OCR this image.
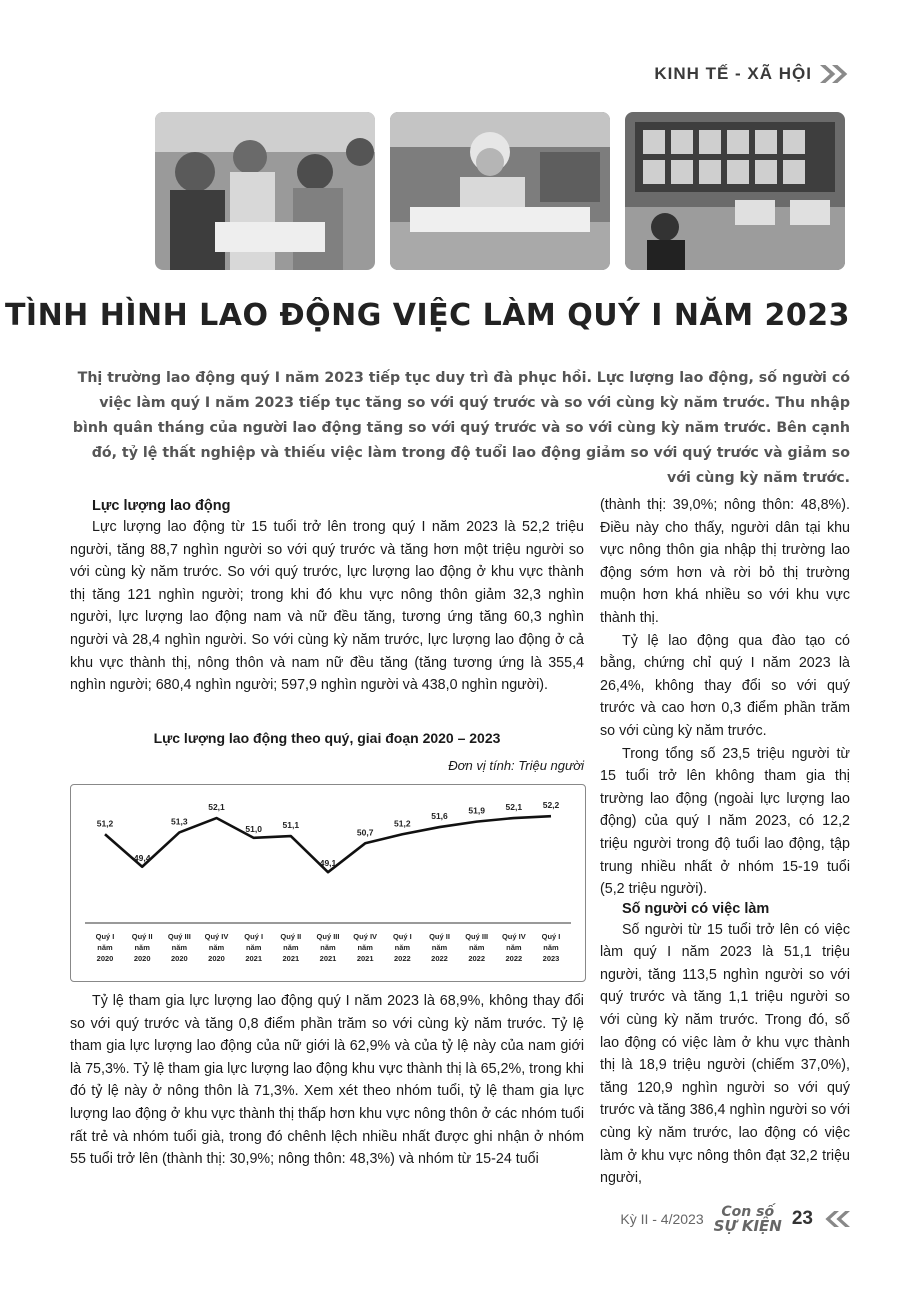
KINH TẾ - XÃ HỘI
TÌNH HÌNH LAO ĐỘNG VIỆC LÀM QUÝ I NĂM 2023

Thị trường lao động quý I năm 2023 tiếp tục duy trì đà phục hồi. Lực lượng lao động, số người có việc làm quý I năm 2023 tiếp tục tăng so với quý trước và so với cùng kỳ năm trước. Thu nhập bình quân tháng của người lao động tăng so với quý trước và so với cùng kỳ năm trước. Bên cạnh đó, tỷ lệ thất nghiệp và thiếu việc làm trong độ tuổi lao động giảm so với quý trước và giảm so với cùng kỳ năm trước.

Lực lượng lao động

Lực lượng lao động từ 15 tuổi trở lên trong quý I năm 2023 là 52,2 triệu người, tăng 88,7 nghìn người so với quý trước và tăng hơn một triệu người so với cùng kỳ năm trước. So với quý trước, lực lượng lao động ở khu vực thành thị tăng 121 nghìn người; trong khi đó khu vực nông thôn giảm 32,3 nghìn người, lực lượng lao động nam và nữ đều tăng, tương ứng tăng 60,3 nghìn người và 28,4 nghìn người. So với cùng kỳ năm trước, lực lượng lao động ở cả khu vực thành thị, nông thôn và nam nữ đều tăng (tăng tương ứng là 355,4 nghìn người; 680,4 nghìn người; 597,9 nghìn người và 438,0 nghìn người).

Lực lượng lao động theo quý, giai đoạn 2020 – 2023
Đơn vị tính: Triệu người
51,2
Quý I
năm
2020
49,4
Quý II
năm
2020
51,3
Quý III
năm
2020
52,1
Quý IV
năm
2020
51,0
Quý I
năm
2021
51,1
Quý II
năm
2021
49,1
Quý III
năm
2021
50,7
Quý IV
năm
2021
51,2
Quý I
năm
2022
51,6
Quý II
năm
2022
51,9
Quý III
năm
2022
52,1
Quý IV
năm
2022
52,2
Quý I
năm
2023

Tỷ lệ tham gia lực lượng lao động quý I năm 2023 là 68,9%, không thay đổi so với quý trước và tăng 0,8 điểm phần trăm so với cùng kỳ năm trước. Tỷ lệ tham gia lực lượng lao động của nữ giới là 62,9% và của tỷ lệ này của nam giới là 75,3%. Tỷ lệ tham gia lực lượng lao động khu vực thành thị là 65,2%, trong khi đó tỷ lệ này ở nông thôn là 71,3%. Xem xét theo nhóm tuổi, tỷ lệ tham gia lực lượng lao động ở khu vực thành thị thấp hơn khu vực nông thôn ở các nhóm tuổi rất trẻ và nhóm tuổi già, trong đó chênh lệch nhiều nhất được ghi nhận ở nhóm 55 tuổi trở lên (thành thị: 30,9%; nông thôn: 48,3%) và nhóm từ 15-24 tuổi

(thành thị: 39,0%; nông thôn: 48,8%). Điều này cho thấy, người dân tại khu vực nông thôn gia nhập thị trường lao động sớm hơn và rời bỏ thị trường muộn hơn khá nhiều so với khu vực thành thị.

Tỷ lệ lao động qua đào tạo có bằng, chứng chỉ quý I năm 2023 là 26,4%, không thay đổi so với quý trước và cao hơn 0,3 điểm phần trăm so với cùng kỳ năm trước.

Trong tổng số 23,5 triệu người từ 15 tuổi trở lên không tham gia thị trường lao động (ngoài lực lượng lao động) của quý I năm 2023, có 12,2 triệu người trong độ tuổi lao động, tập trung nhiều nhất ở nhóm 15-19 tuổi (5,2 triệu người).

Số người có việc làm

Số người từ 15 tuổi trở lên có việc làm quý I năm 2023 là 51,1 triệu người, tăng 113,5 nghìn người so với quý trước và tăng 1,1 triệu người so với cùng kỳ năm trước. Trong đó, số lao động có việc làm ở khu vực thành thị là 18,9 triệu người (chiếm 37,0%), tăng 120,9 nghìn người so với quý trước và tăng 386,4 nghìn người so với cùng kỳ năm trước, lao động có việc làm ở khu vực nông thôn đạt 32,2 triệu người,

Kỳ II - 4/2023	Con số
SỰ KIỆN 23
